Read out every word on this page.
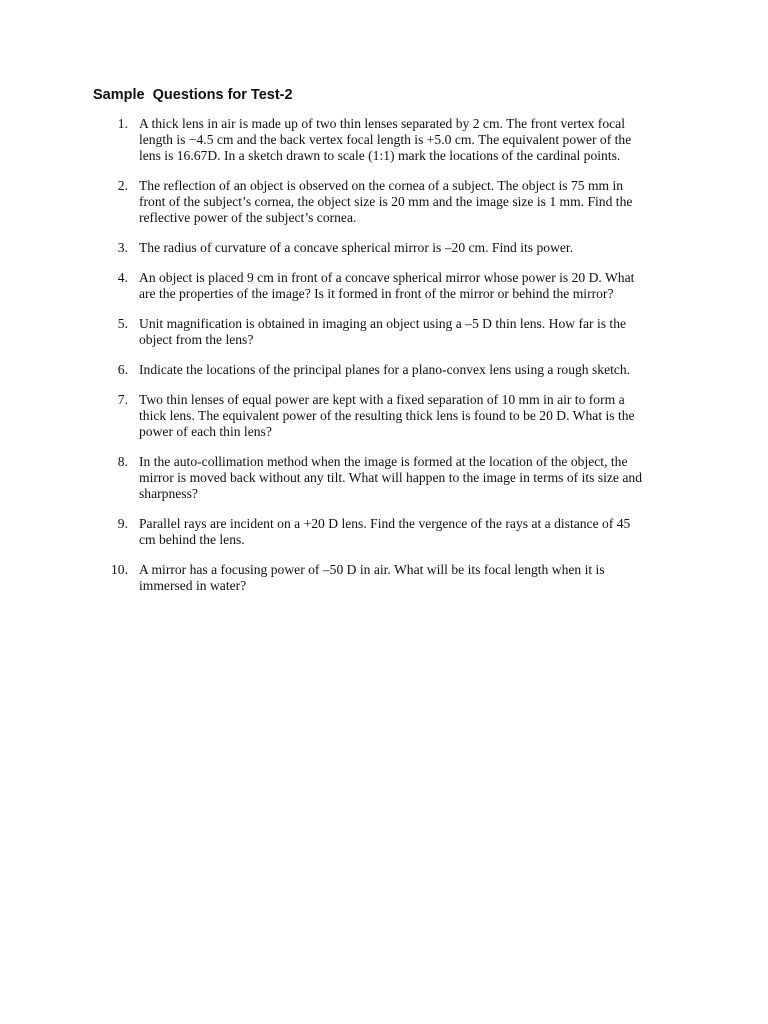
Sample  Questions for Test-2
1. A thick lens in air is made up of two thin lenses separated by 2 cm. The front vertex focal
length is −4.5 cm and the back vertex focal length is +5.0 cm. The equivalent power of the
lens is 16.67D. In a sketch drawn to scale (1:1) mark the locations of the cardinal points.
2. The reflection of an object is observed on the cornea of a subject. The object is 75 mm in
front of the subject’s cornea, the object size is 20 mm and the image size is 1 mm. Find the
reflective power of the subject’s cornea.
3. The radius of curvature of a concave spherical mirror is –20 cm. Find its power.
4. An object is placed 9 cm in front of a concave spherical mirror whose power is 20 D. What
are the properties of the image? Is it formed in front of the mirror or behind the mirror?
5. Unit magnification is obtained in imaging an object using a –5 D thin lens. How far is the
object from the lens?
6. Indicate the locations of the principal planes for a plano-convex lens using a rough sketch.
7. Two thin lenses of equal power are kept with a fixed separation of 10 mm in air to form a
thick lens. The equivalent power of the resulting thick lens is found to be 20 D. What is the
power of each thin lens?
8. In the auto-collimation method when the image is formed at the location of the object, the
mirror is moved back without any tilt. What will happen to the image in terms of its size and
sharpness?
9. Parallel rays are incident on a +20 D lens. Find the vergence of the rays at a distance of 45
cm behind the lens.
10. A mirror has a focusing power of –50 D in air. What will be its focal length when it is
immersed in water?
